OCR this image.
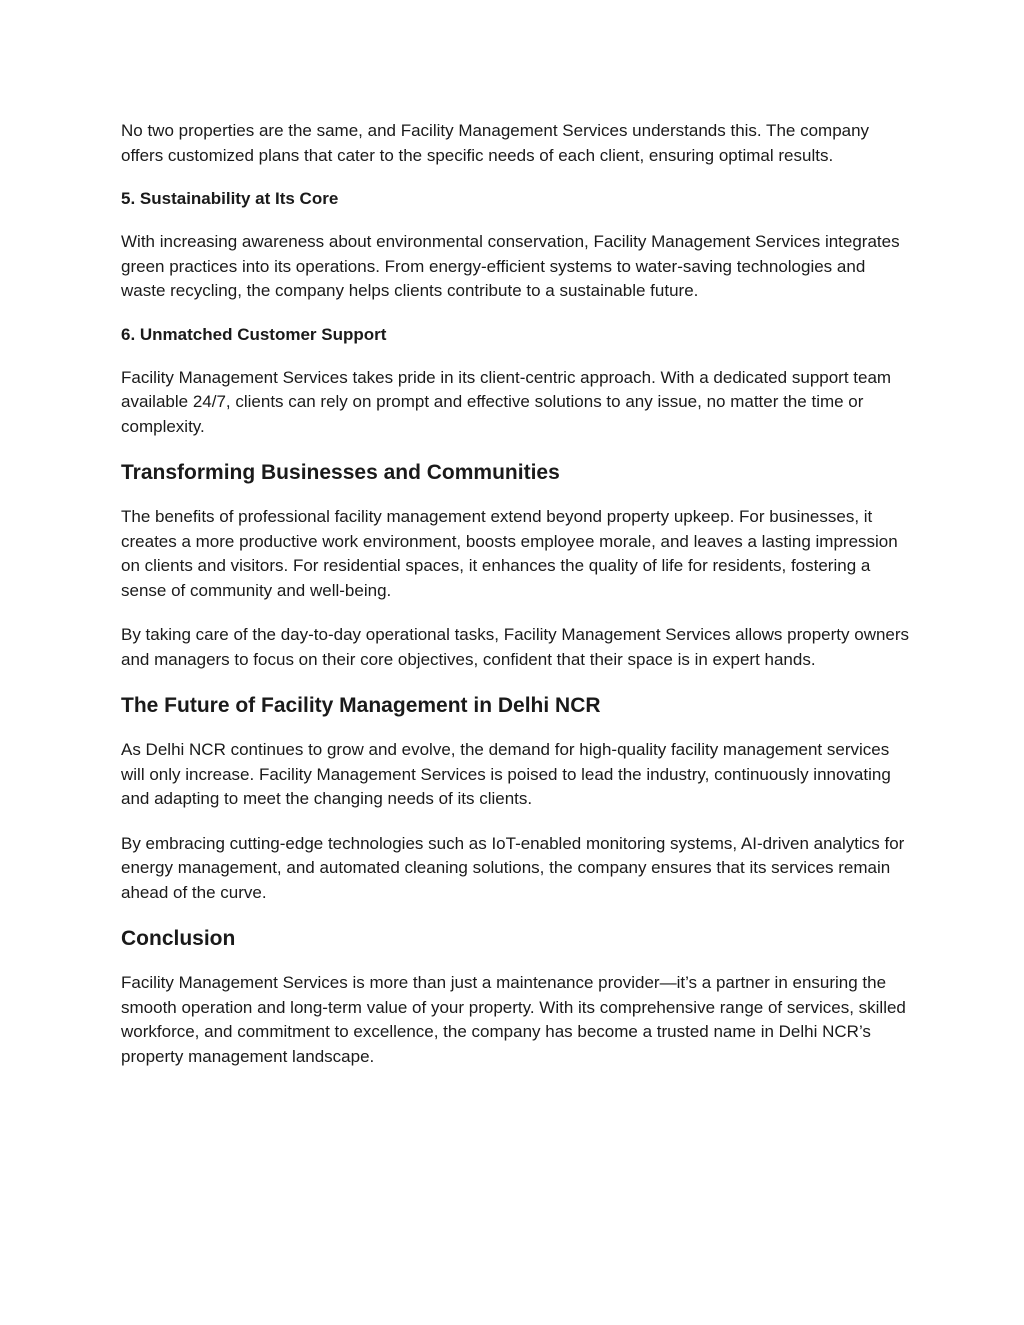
No two properties are the same, and Facility Management Services understands this. The company offers customized plans that cater to the specific needs of each client, ensuring optimal results.

5. Sustainability at Its Core

With increasing awareness about environmental conservation, Facility Management Services integrates green practices into its operations. From energy-efficient systems to water-saving technologies and waste recycling, the company helps clients contribute to a sustainable future.

6. Unmatched Customer Support

Facility Management Services takes pride in its client-centric approach. With a dedicated support team available 24/7, clients can rely on prompt and effective solutions to any issue, no matter the time or complexity.

Transforming Businesses and Communities

The benefits of professional facility management extend beyond property upkeep. For businesses, it creates a more productive work environment, boosts employee morale, and leaves a lasting impression on clients and visitors. For residential spaces, it enhances the quality of life for residents, fostering a sense of community and well-being.

By taking care of the day-to-day operational tasks, Facility Management Services allows property owners and managers to focus on their core objectives, confident that their space is in expert hands.

The Future of Facility Management in Delhi NCR

As Delhi NCR continues to grow and evolve, the demand for high-quality facility management services will only increase. Facility Management Services is poised to lead the industry, continuously innovating and adapting to meet the changing needs of its clients.

By embracing cutting-edge technologies such as IoT-enabled monitoring systems, AI-driven analytics for energy management, and automated cleaning solutions, the company ensures that its services remain ahead of the curve.

Conclusion

Facility Management Services is more than just a maintenance provider—it’s a partner in ensuring the smooth operation and long-term value of your property. With its comprehensive range of services, skilled workforce, and commitment to excellence, the company has become a trusted name in Delhi NCR’s property management landscape.
